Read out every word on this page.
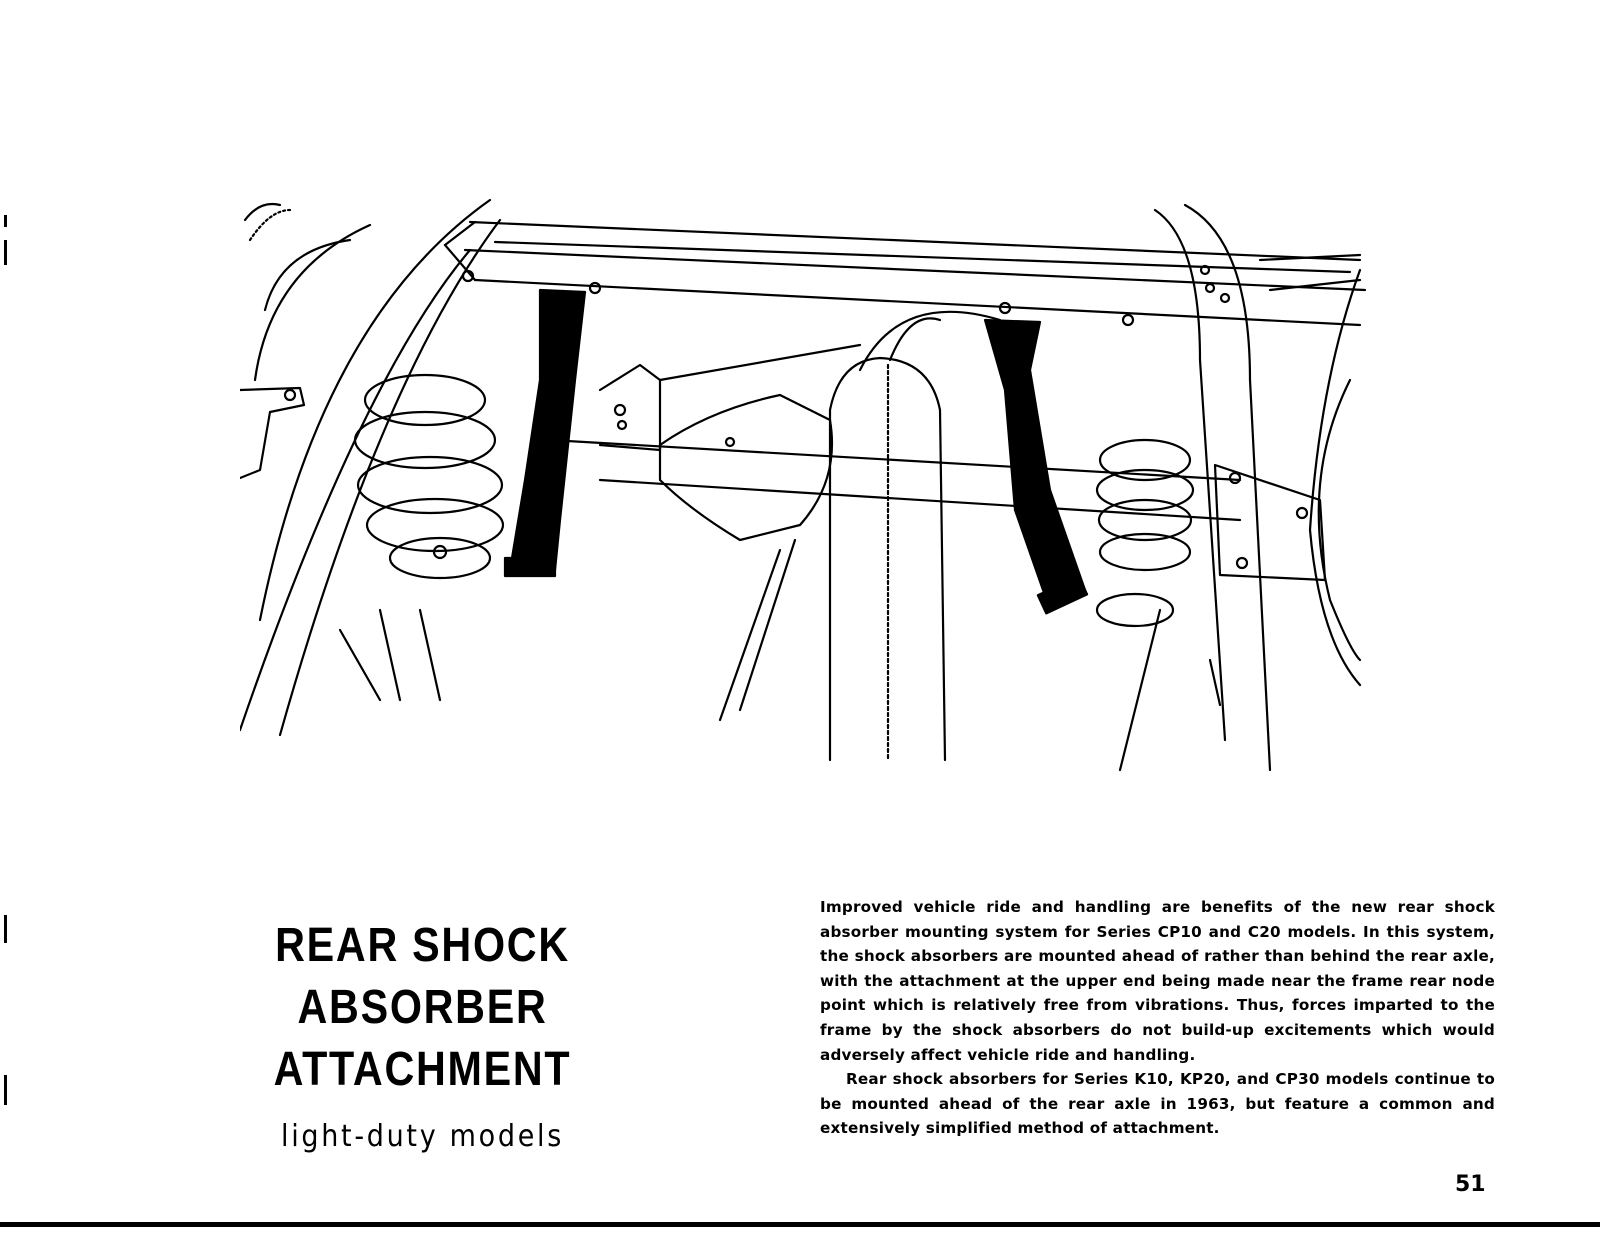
REAR SHOCK ABSORBER
ATTACHMENT
light-duty models

Improved vehicle ride and handling are benefits of the new rear shock absorber mounting system for Series CP10 and C20 models. In this system, the shock absorbers are mounted ahead of rather than behind the rear axle, with the attachment at the upper end being made near the frame rear node point which is relatively free from vibrations. Thus, forces imparted to the frame by the shock absorbers do not build-up excitements which would adversely affect vehicle ride and handling.

Rear shock absorbers for Series K10, KP20, and CP30 models continue to be mounted ahead of the rear axle in 1963, but feature a common and extensively simplified method of attachment.

51
